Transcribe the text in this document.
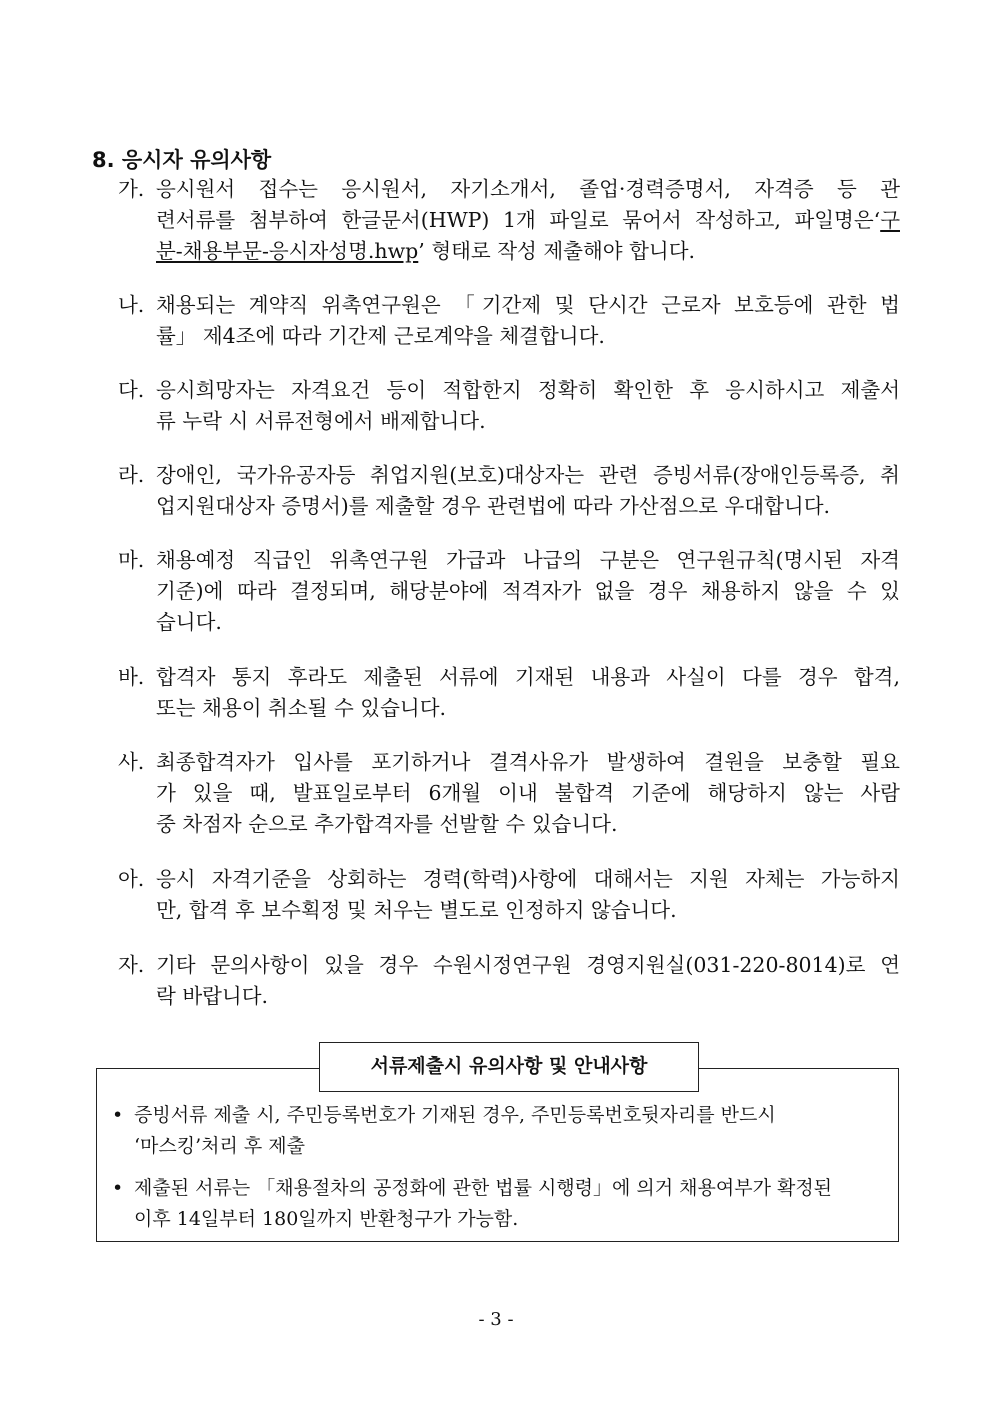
8. 응시자 유의사항
가. 응시원서 접수는 응시원서, 자기소개서, 졸업·경력증명서, 자격증 등 관
련서류를 첨부하여 한글문서(HWP) 1개 파일로 묶어서 작성하고, 파일명은‘구
분-채용부문-응시자성명.hwp’ 형태로 작성 제출해야 합니다.
나. 채용되는 계약직 위촉연구원은 「기간제 및 단시간 근로자 보호등에 관한 법
률」 제4조에 따라 기간제 근로계약을 체결합니다.
다. 응시희망자는 자격요건 등이 적합한지 정확히 확인한 후 응시하시고 제출서
류 누락 시 서류전형에서 배제합니다.
라. 장애인, 국가유공자등 취업지원(보호)대상자는 관련 증빙서류(장애인등록증, 취
업지원대상자 증명서)를 제출할 경우 관련법에 따라 가산점으로 우대합니다.
마. 채용예정 직급인 위촉연구원 가급과 나급의 구분은 연구원규칙(명시된 자격
기준)에 따라 결정되며, 해당분야에 적격자가 없을 경우 채용하지 않을 수 있
습니다.
바. 합격자 통지 후라도 제출된 서류에 기재된 내용과 사실이 다를 경우 합격,
또는 채용이 취소될 수 있습니다.
사. 최종합격자가 입사를 포기하거나 결격사유가 발생하여 결원을 보충할 필요
가 있을 때, 발표일로부터 6개월 이내 불합격 기준에 해당하지 않는 사람
중 차점자 순으로 추가합격자를 선발할 수 있습니다.
아. 응시 자격기준을 상회하는 경력(학력)사항에 대해서는 지원 자체는 가능하지
만, 합격 후 보수획정 및 처우는 별도로 인정하지 않습니다.
자. 기타 문의사항이 있을 경우 수원시정연구원 경영지원실(031-220-8014)로 연
락 바랍니다.
서류제출시 유의사항 및 안내사항
• 증빙서류 제출 시, 주민등록번호가 기재된 경우, 주민등록번호뒷자리를 반드시
‘마스킹’처리 후 제출
• 제출된 서류는 「채용절차의 공정화에 관한 법률 시행령」에 의거 채용여부가 확정된
이후 14일부터 180일까지 반환청구가 가능함.
- 3 -
